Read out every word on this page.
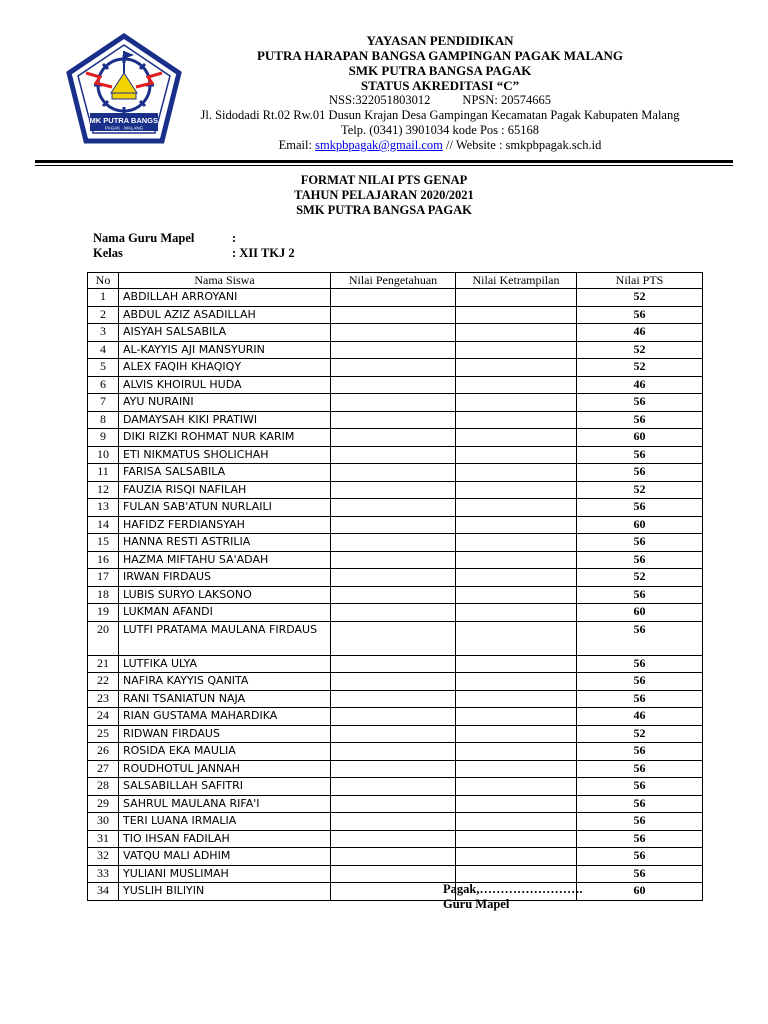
SMK PUTRA BANGSA
PAGAK · MALANG
YAYASAN PENDIDIKAN
PUTRA HARAPAN BANGSA GAMPINGAN PAGAK MALANG
SMK PUTRA BANGSA PAGAK
STATUS AKREDITASI “C”
NSS:322051803012	NPSN: 20574665
Jl. Sidodadi Rt.02 Rw.01 Dusun Krajan Desa Gampingan Kecamatan Pagak Kabupaten Malang
Telp. (0341) 3901034 kode Pos : 65168
Email: smkpbpagak@gmail.com // Website : smkpbpagak.sch.id
FORMAT NILAI PTS GENAP
TAHUN PELAJARAN 2020/2021
SMK PUTRA BANGSA PAGAK
Nama Guru Mapel	:
Kelas	: XII TKJ 2
No	Nama Siswa	Nilai Pengetahuan	Nilai Ketrampilan	Nilai PTS
1	ABDILLAH ARROYANI			52
2	ABDUL AZIZ ASADILLAH			56
3	AISYAH SALSABILA			46
4	AL-KAYYIS AJI MANSYURIN			52
5	ALEX FAQIH KHAQIQY			52
6	ALVIS KHOIRUL HUDA			46
7	AYU NURAINI			56
8	DAMAYSAH KIKI PRATIWI			56
9	DIKI RIZKI ROHMAT NUR KARIM			60
10	ETI NIKMATUS SHOLICHAH			56
11	FARISA SALSABILA			56
12	FAUZIA RISQI NAFILAH			52
13	FULAN SAB'ATUN NURLAILI			56
14	HAFIDZ FERDIANSYAH			60
15	HANNA RESTI ASTRILIA			56
16	HAZMA MIFTAHU SA'ADAH			56
17	IRWAN FIRDAUS			52
18	LUBIS SURYO LAKSONO			56
19	LUKMAN AFANDI			60
20	LUTFI PRATAMA MAULANA FIRDAUS			56
21	LUTFIKA ULYA			56
22	NAFIRA KAYYIS QANITA			56
23	RANI TSANIATUN NAJA			56
24	RIAN GUSTAMA MAHARDIKA			46
25	RIDWAN FIRDAUS			52
26	ROSIDA EKA MAULIA			56
27	ROUDHOTUL JANNAH			56
28	SALSABILLAH SAFITRI			56
29	SAHRUL MAULANA RIFA'I			56
30	TERI LUANA IRMALIA			56
31	TIO IHSAN FADILAH			56
32	VATQU MALI ADHIM			56
33	YULIANI MUSLIMAH			56
34	YUSLIH BILIYIN			60
Pagak,…………………….
Guru Mapel
